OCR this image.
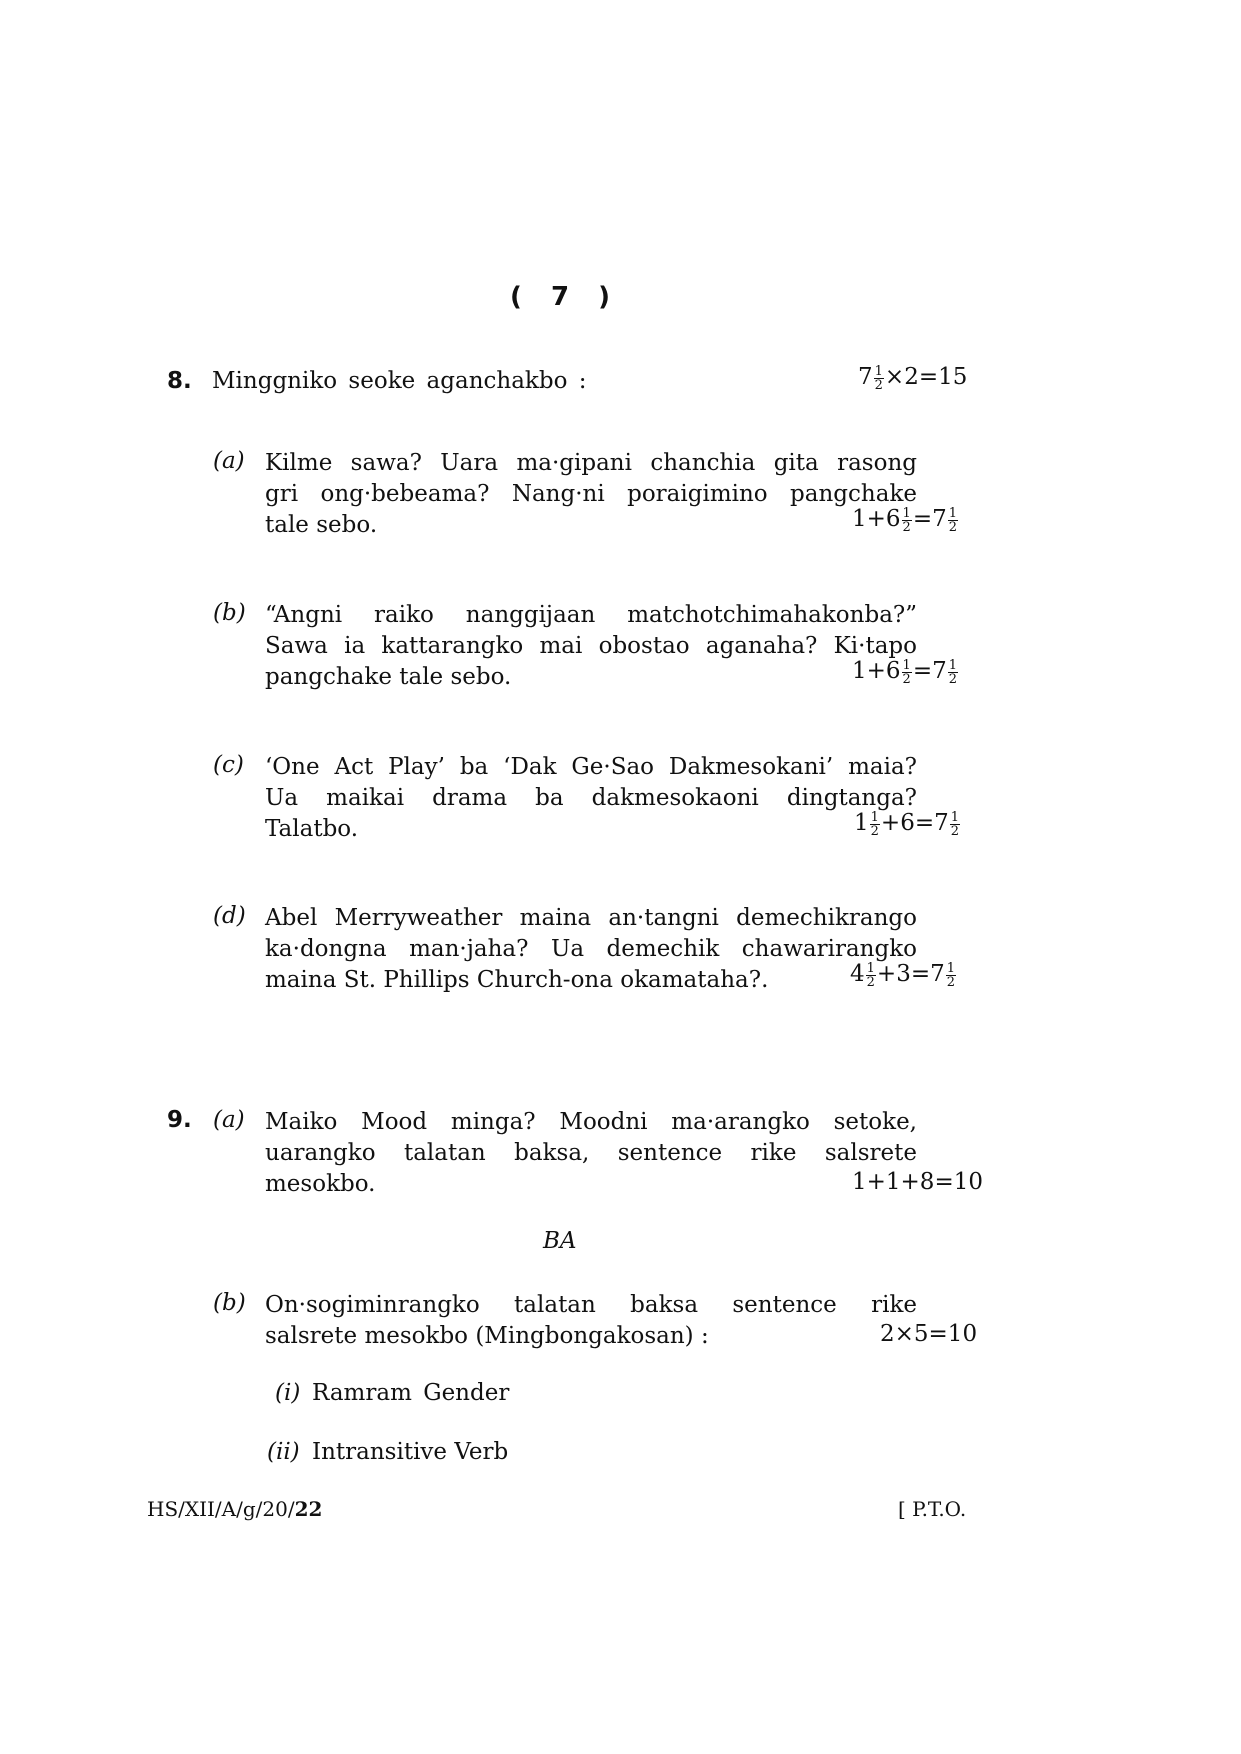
( 7 )
8. Minggniko seoke aganchakbo :	$7 \frac{1}{2} \times 2=15$
(a) Kilme sawa? Uara ma·gipani chanchia gita rasong
gri ong·bebeama? Nang·ni poraigimino pangchake
tale sebo.	$1+6 \frac{1}{2} =7 \frac{1}{2}$
(b) “Angni raiko nanggijaan matchotchimahakonba?”
Sawa ia kattarangko mai obostao aganaha? Ki·tapo
pangchake tale sebo.	$1+6 \frac{1}{2} =7 \frac{1}{2}$
(c) ‘One Act Play’ ba ‘Dak Ge·Sao Dakmesokani’ maia?
Ua maikai drama ba dakmesokaoni dingtanga?
Talatbo.	$1 \frac{1}{2} +6=7 \frac{1}{2}$
(d) Abel Merryweather maina an·tangni demechikrango
ka·dongna man·jaha? Ua demechik chawarirangko
maina St. Phillips Church-ona okamataha?.	$4 \frac{1}{2} +3=7 \frac{1}{2}$
9. (a) Maiko Mood minga? Moodni ma·arangko setoke,
uarangko talatan baksa, sentence rike salsrete
mesokbo.	1+1+8=10
BA
(b) On·sogiminrangko talatan baksa sentence rike
salsrete mesokbo (Mingbongakosan) :	2×5=10
(i) Ramram Gender
(ii) Intransitive Verb
HS/XII/A/g/20/22	[ P.T.O.
